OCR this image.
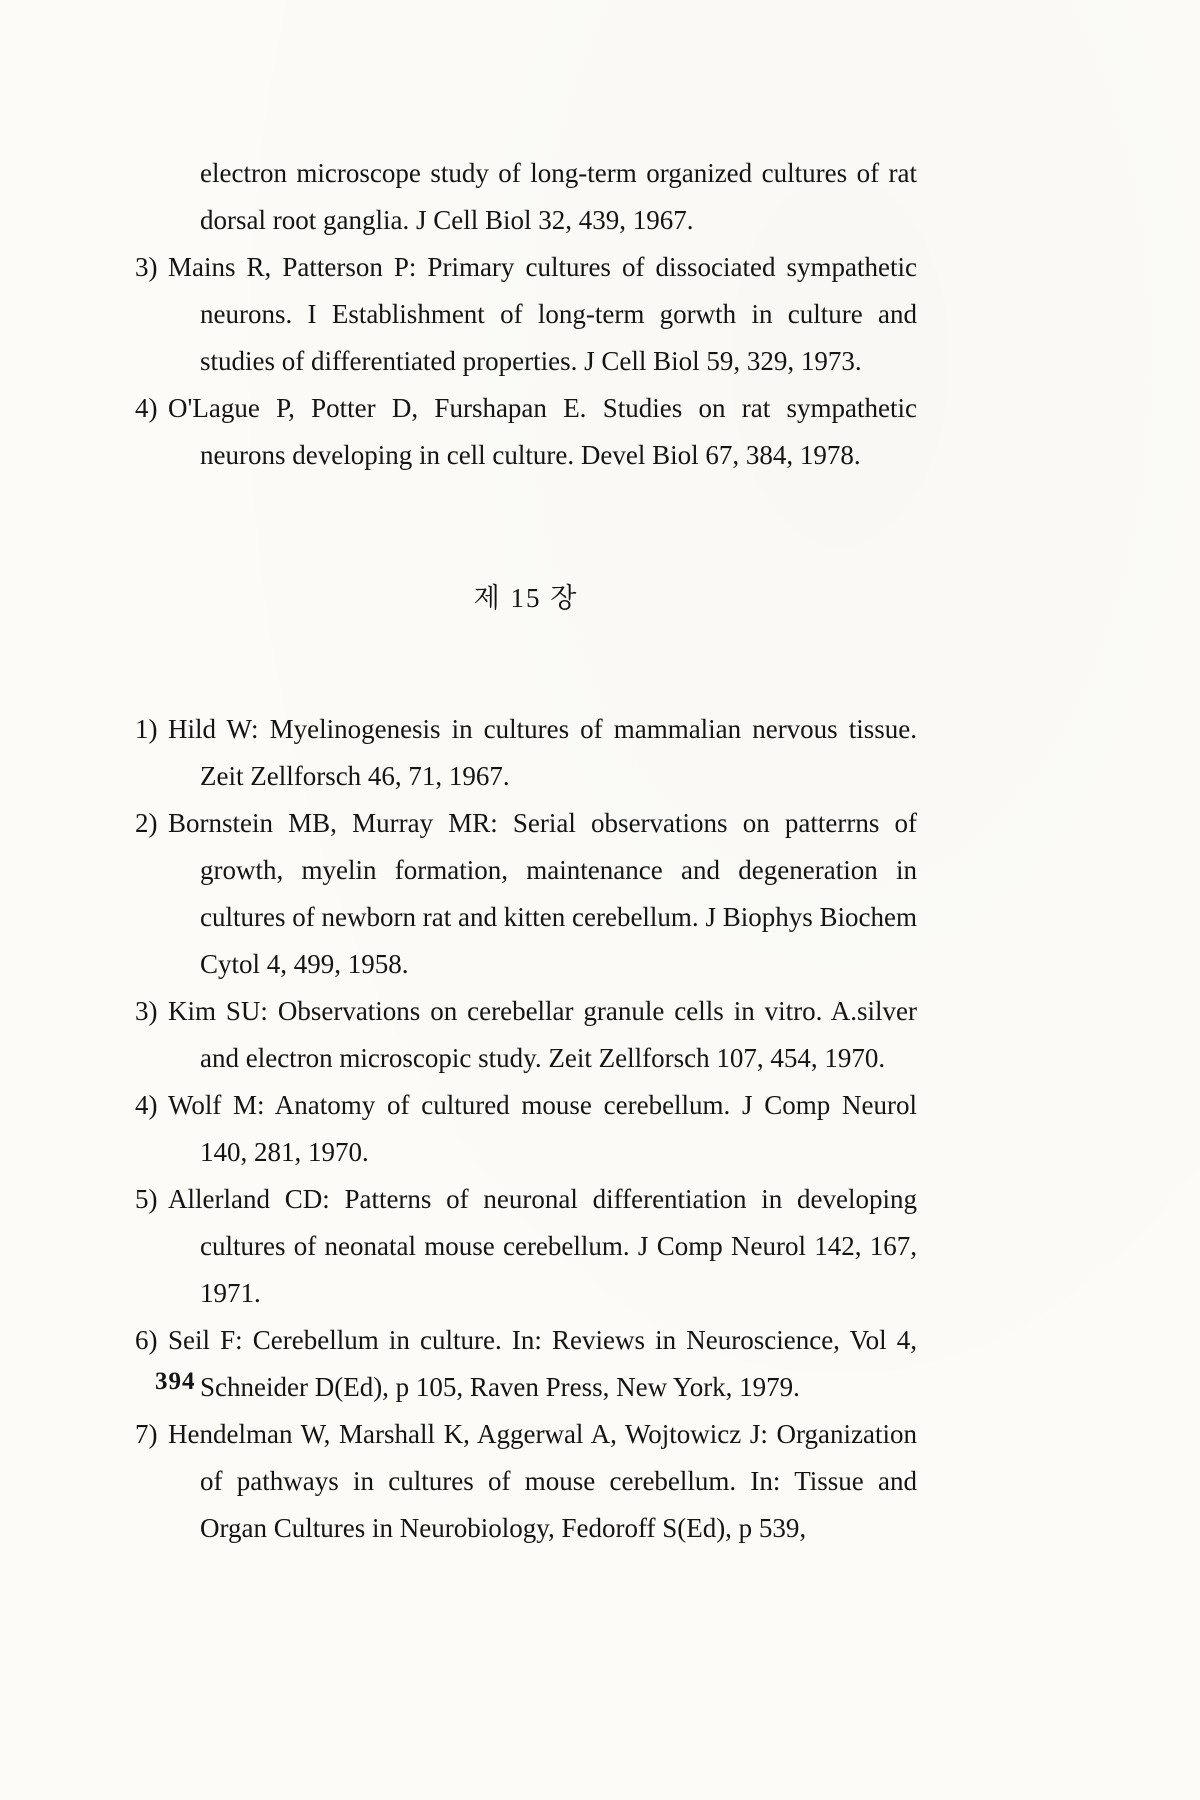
electron microscope study of long-term organized cultures of rat dorsal root ganglia. J Cell Biol 32, 439, 1967.

3) Mains R, Patterson P: Primary cultures of dissociated sympathetic neurons. I Establishment of long-term gorwth in culture and studies of differentiated properties. J Cell Biol 59, 329, 1973.
4) O'Lague P, Potter D, Furshapan E. Studies on rat sympathetic neurons developing in cell culture. Devel Biol 67, 384, 1978.
제 15 장
1) Hild W: Myelinogenesis in cultures of mammalian nervous tissue. Zeit Zellforsch 46, 71, 1967.
2) Bornstein MB, Murray MR: Serial observations on patterrns of growth, myelin formation, maintenance and degeneration in cultures of newborn rat and kitten cerebellum. J Biophys Biochem Cytol 4, 499, 1958.
3) Kim SU: Observations on cerebellar granule cells in vitro. A.silver and electron microscopic study. Zeit Zellforsch 107, 454, 1970.
4) Wolf M: Anatomy of cultured mouse cerebellum. J Comp Neurol 140, 281, 1970.
5) Allerland CD: Patterns of neuronal differentiation in developing cultures of neonatal mouse cerebellum. J Comp Neurol 142, 167, 1971.
6) Seil F: Cerebellum in culture. In: Reviews in Neuroscience, Vol 4, Schneider D(Ed), p 105, Raven Press, New York, 1979.
7) Hendelman W, Marshall K, Aggerwal A, Wojtowicz J: Organization of pathways in cultures of mouse cerebellum. In: Tissue and Organ Cultures in Neurobiology, Fedoroff S(Ed), p 539,
394
